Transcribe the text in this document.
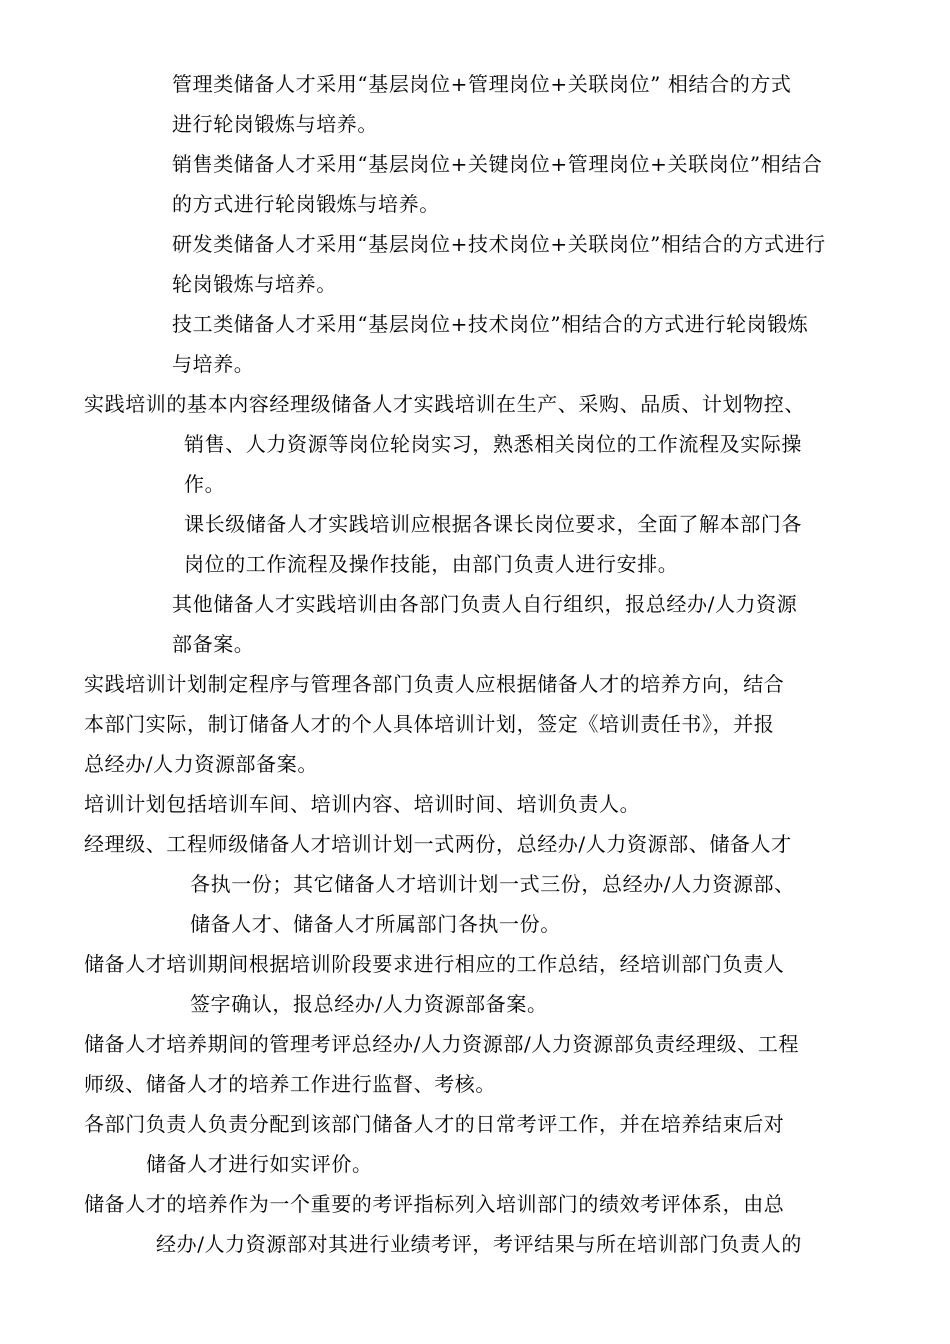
管理类储备人才采用“基层岗位+管理岗位+关联岗位” 相结合的方式
进行轮岗锻炼与培养。
销售类储备人才采用“基层岗位+关键岗位+管理岗位+关联岗位”相结合
的方式进行轮岗锻炼与培养。
研发类储备人才采用“基层岗位+技术岗位+关联岗位”相结合的方式进行
轮岗锻炼与培养。
技工类储备人才采用“基层岗位+技术岗位”相结合的方式进行轮岗锻炼
与培养。
实践培训的基本内容经理级储备人才实践培训在生产、采购、品质、计划物控、
销售、人力资源等岗位轮岗实习，熟悉相关岗位的工作流程及实际操
作。
课长级储备人才实践培训应根据各课长岗位要求，全面了解本部门各
岗位的工作流程及操作技能，由部门负责人进行安排。
其他储备人才实践培训由各部门负责人自行组织，报总经办/人力资源
部备案。
实践培训计划制定程序与管理各部门负责人应根据储备人才的培养方向，结合
本部门实际，制订储备人才的个人具体培训计划，签定《培训责任书》，并报
总经办/人力资源部备案。
培训计划包括培训车间、培训内容、培训时间、培训负责人。
经理级、工程师级储备人才培训计划一式两份，总经办/人力资源部、储备人才
各执一份；其它储备人才培训计划一式三份，总经办/人力资源部、
储备人才、储备人才所属部门各执一份。
储备人才培训期间根据培训阶段要求进行相应的工作总结，经培训部门负责人
签字确认，报总经办/人力资源部备案。
储备人才培养期间的管理考评总经办/人力资源部/人力资源部负责经理级、工程
师级、储备人才的培养工作进行监督、考核。
各部门负责人负责分配到该部门储备人才的日常考评工作，并在培养结束后对
储备人才进行如实评价。
储备人才的培养作为一个重要的考评指标列入培训部门的绩效考评体系，由总
经办/人力资源部对其进行业绩考评，考评结果与所在培训部门负责人的
